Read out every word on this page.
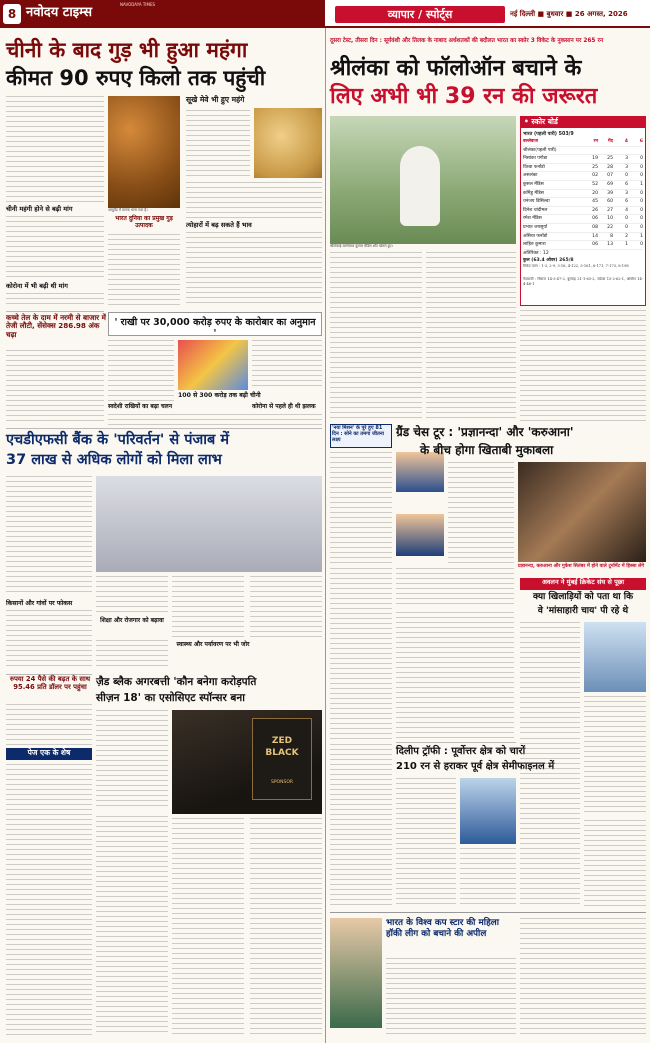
8 नवोदय टाइम्स
NAVODAYA TIMES
व्यापार / स्पोर्ट्स	नई दिल्ली ■ बुधवार ■ 26 अगस्त, 2026
चीनी के बाद गुड़ भी हुआ महंगा
कीमत 90 रुपए किलो तक पहुंची
चीनी महंगी होने से बढ़ी मांग
कोरोना में भी बढ़ी थी मांग
आयुर्वेद में मानक माना गया है।
भारत दुनिया का प्रमुख गुड़ उत्पादक
सूखे मेवे भी हुए महंगे
त्योहारों में बढ़ सकते हैं भाव
कच्चे तेल के दाम में नरमी से बाजार में तेजी लौटी, सेंसेक्स 286.98 अंक चढ़ा
' राखी पर 30,000 करोड़ रुपए के कारोबार का अनुमान '
100 से 300 करोड़ तक बढ़ी चीनी
स्वदेशी राखियों का बढ़ा चलन	कोरोना से पहले ही थी झलक
एचडीएफसी बैंक के 'परिवर्तन' से पंजाब में
37 लाख से अधिक लोगों को मिला लाभ
किसानों और गांवों पर फोकस
शिक्षा और रोजगार को बढ़ावा
स्वास्थ्य और पर्यावरण पर भी जोर
रुपया 24 पैसे की बढ़त के साथ 95.46 प्रति डॉलर पर पहुंचा
पेज एक के शेष
ज़ैड ब्लैक अगरबत्ती 'कौन बनेगा करोड़पति
सीज़न 18' का एसोसिएट स्पॉन्सर बना
ZED
BLACK
SPONSOR
दूसरा टेस्ट, तीसरा दिन : सूर्यवंशी और तिलक के नाबाद अर्धशतकों की बदौलत भारत का स्कोर 3 विकेट के नुकसान पर 265 रन
श्रीलंका को फॉलोऑन बचाने के
लिए अभी भी 39 रन की जरूरत
श्रीलंकाई बल्लेबाज कुसल मेंडिस शॉट खेलते हुए।
• स्कोर बोर्ड
भारत (पहली पारी) 503/9
बल्लेबाज	रन	गेंद	4	6
श्रीलंका(पहली पारी)
निसांका पगौडा	19	25	3	0
विश्वा फर्नांडो	25	28	3	0
असलंका	02	07	0	0
कुसल मेंडिस	52	69	6	1
कमिंडु मेंडिस	20	39	3	0
धनंजय डिसिल्वा	45	60	6	0
दिनेश चांदीमल	26	27	4	0
रमेश मेंडिस	06	10	0	0
प्रभात जयसूर्या	08	22	0	0
असिथा फर्नांडो	14	8	2	1
लाहिरु कुमारा	06	13	1	0
अतिरिक्त : 12
कुल (63.4 ओवर) 265/8
विकेट पतन : 1-3, 2-9, 3-16, 4-122, 5-161, 6-171, 7-173, 8-198
गेंदबाजी : सिराज 14-3-47-2, बुमराह 21-1-63-2, जडेजा 15-2-62-1, अश्विन 14-4-46-1
'नया मिशन' के पूरे हुए 81 दिन : सोने का तमगा जीतना लक्ष्य
ग्रैंड चेस टूर : 'प्रज्ञानन्दा' और 'करुआना'
के बीच होगा खिताबी मुकाबला
प्रज्ञानन्दा, करुआना और गुकेश सितंबर में होने वाले टूर्नामेंट में हिस्सा लेंगे
अवलन ने मुंबई क्रिकेट संघ से पूछा
क्या खिलाड़ियों को पता था कि
वे 'मांसाहारी चाय' पी रहे थे
दिलीप ट्रॉफी : पूर्वोत्तर क्षेत्र को चारों
210 रन से हराकर पूर्व क्षेत्र सेमीफाइनल में
भारत के विश्व कप स्टार की महिला हॉकी लीग को बचाने की अपील
